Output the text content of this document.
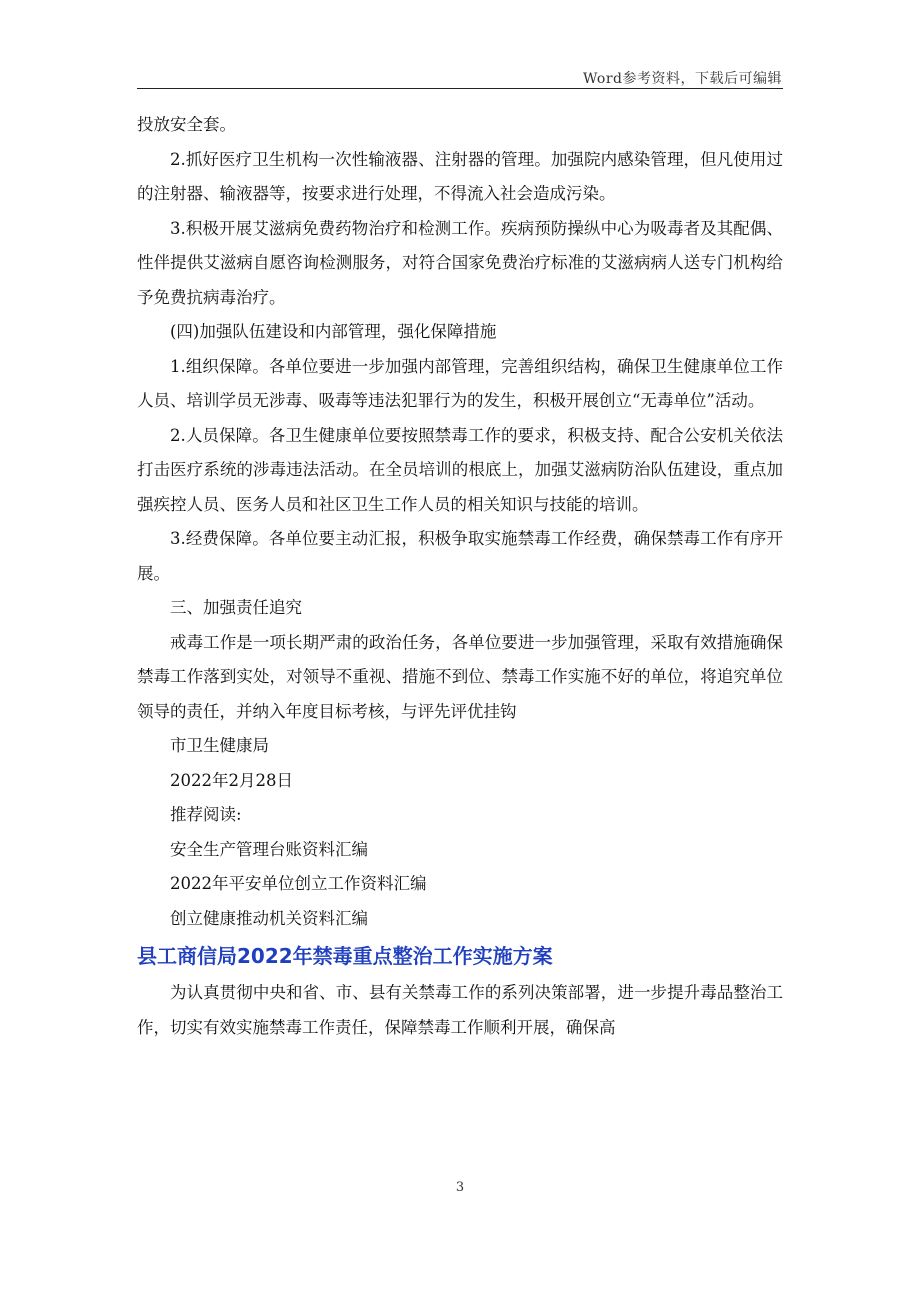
Word参考资料，下载后可编辑

投放安全套。

2.抓好医疗卫生机构一次性输液器、注射器的管理。加强院内感染管理，但凡使用过的注射器、输液器等，按要求进行处理，不得流入社会造成污染。

3.积极开展艾滋病免费药物治疗和检测工作。疾病预防操纵中心为吸毒者及其配偶、性伴提供艾滋病自愿咨询检测服务，对符合国家免费治疗标准的艾滋病病人送专门机构给予免费抗病毒治疗。

(四)加强队伍建设和内部管理，强化保障措施

1.组织保障。各单位要进一步加强内部管理，完善组织结构，确保卫生健康单位工作人员、培训学员无涉毒、吸毒等违法犯罪行为的发生，积极开展创立“无毒单位”活动。

2.人员保障。各卫生健康单位要按照禁毒工作的要求，积极支持、配合公安机关依法打击医疗系统的涉毒违法活动。在全员培训的根底上，加强艾滋病防治队伍建设，重点加强疾控人员、医务人员和社区卫生工作人员的相关知识与技能的培训。

3.经费保障。各单位要主动汇报，积极争取实施禁毒工作经费，确保禁毒工作有序开展。

三、加强责任追究

戒毒工作是一项长期严肃的政治任务，各单位要进一步加强管理，采取有效措施确保禁毒工作落到实处，对领导不重视、措施不到位、禁毒工作实施不好的单位，将追究单位领导的责任，并纳入年度目标考核，与评先评优挂钩

市卫生健康局

2022年2月28日

推荐阅读:

安全生产管理台账资料汇编

2022年平安单位创立工作资料汇编

创立健康推动机关资料汇编

县工商信局2022年禁毒重点整治工作实施方案

为认真贯彻中央和省、市、县有关禁毒工作的系列决策部署，进一步提升毒品整治工作，切实有效实施禁毒工作责任，保障禁毒工作顺利开展，确保高

3
